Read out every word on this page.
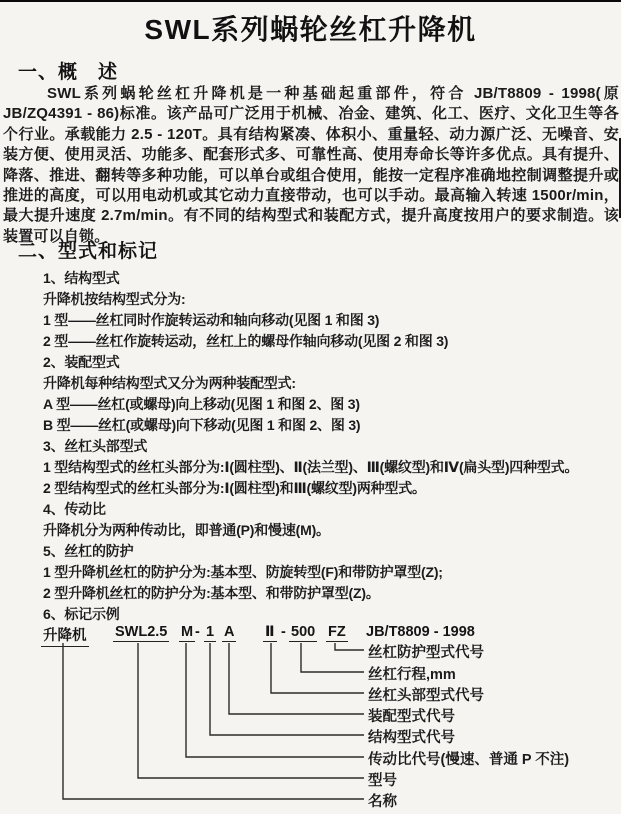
SWL系列蜗轮丝杠升降机
一、概　述

SWL系列蜗轮丝杠升降机是一种基础起重部件，符合 JB/T8809 - 1998(原 JB/ZQ4391 - 86)标准。该产品可广泛用于机械、冶金、建筑、化工、医疗、文化卫生等各个行业。承载能力 2.5 - 120T。具有结构紧凑、体积小、重量轻、动力源广泛、无噪音、安装方便、使用灵活、功能多、配套形式多、可靠性高、使用寿命长等许多优点。具有提升、降落、推进、翻转等多种功能，可以单台或组合使用，能按一定程序准确地控制调整提升或推进的高度，可以用电动机或其它动力直接带动，也可以手动。最高输入转速 1500r/min，最大提升速度 2.7m/min。有不同的结构型式和装配方式，提升高度按用户的要求制造。该装置可以自锁。

二、型式和标记
1、结构型式
升降机按结构型式分为:
1 型——丝杠同时作旋转运动和轴向移动(见图 1 和图 3)
2 型——丝杠作旋转运动，丝杠上的螺母作轴向移动(见图 2 和图 3)
2、装配型式
升降机每种结构型式又分为两种装配型式:
A 型——丝杠(或螺母)向上移动(见图 1 和图 2、图 3)
B 型——丝杠(或螺母)向下移动(见图 1 和图 2、图 3)
3、丝杠头部型式
1 型结构型式的丝杠头部分为:Ⅰ(圆柱型)、Ⅱ(法兰型)、Ⅲ(螺纹型)和Ⅳ(扁头型)四种型式。
2 型结构型式的丝杠头部分为:Ⅰ(圆柱型)和Ⅲ(螺纹型)两种型式。
4、传动比
升降机分为两种传动比，即普通(P)和慢速(M)。
5、丝杠的防护
1 型升降机丝杠的防护分为:基本型、防旋转型(F)和带防护罩型(Z);
2 型升降机丝杠的防护分为:基本型、和带防护罩型(Z)。
6、标记示例
升降机 SWL2.5 M - 1 A Ⅱ - 500 FZ JB/T8809 - 1998
丝杠防护型式代号
丝杠行程,mm
丝杠头部型式代号
装配型式代号
结构型式代号
传动比代号(慢速、普通 P 不注)
型号
名称
